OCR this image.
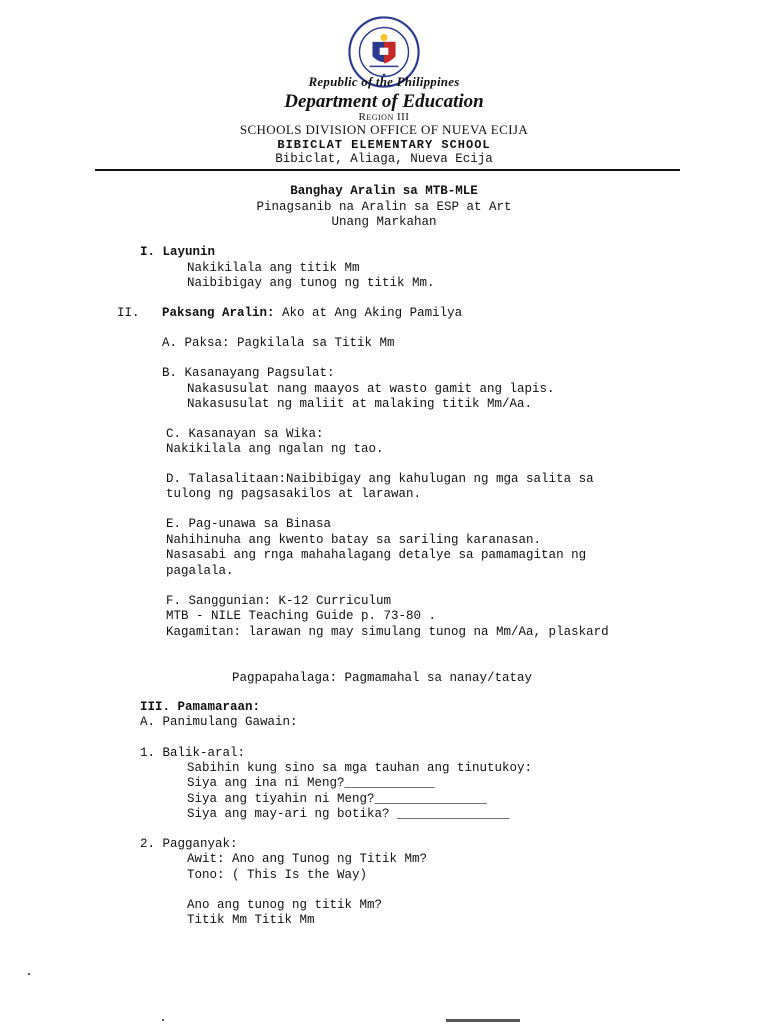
Republic of the Philippines
Department of Education
Region III
SCHOOLS DIVISION OFFICE OF NUEVA ECIJA
BIBICLAT ELEMENTARY SCHOOL
Bibiclat, Aliaga, Nueva Ecija
Banghay Aralin sa MTB-MLE
Pinagsanib na Aralin sa ESP at Art
Unang Markahan
I. Layunin
Nakikilala ang titik Mm
Naibibigay ang tunog ng titik Mm.
II. Paksang Aralin: Ako at Ang Aking Pamilya
A. Paksa: Pagkilala sa Titik Mm
B. Kasanayang Pagsulat:
Nakasusulat nang maayos at wasto gamit ang lapis.
Nakasusulat ng maliit at malaking titik Mm/Aa.
C. Kasanayan sa Wika:
Nakikilala ang ngalan ng tao.
D. Talasalitaan:Naibibigay ang kahulugan ng mga salita sa
tulong ng pagsasakilos at larawan.
E. Pag-unawa sa Binasa
Nahihinuha ang kwento batay sa sariling karanasan.
Nasasabi ang rnga mahahalagang detalye sa pamamagitan ng
pagalala.
F. Sanggunian: K-12 Curriculum
MTB - NILE Teaching Guide p. 73-80 .
Kagamitan: larawan ng may simulang tunog na Mm/Aa, plaskard
Pagpapahalaga: Pagmamahal sa nanay/tatay
III. Pamamaraan:
A. Panimulang Gawain:
1. Balik-aral:
Sabihin kung sino sa mga tauhan ang tinutukoy:
Siya ang ina ni Meng?____________
Siya ang tiyahin ni Meng?_______________
Siya ang may-ari ng botika? _______________
2. Pagganyak:
Awit: Ano ang Tunog ng Titik Mm?
Tono: ( This Is the Way)
Ano ang tunog ng titik Mm?
Titik Mm Titik Mm
